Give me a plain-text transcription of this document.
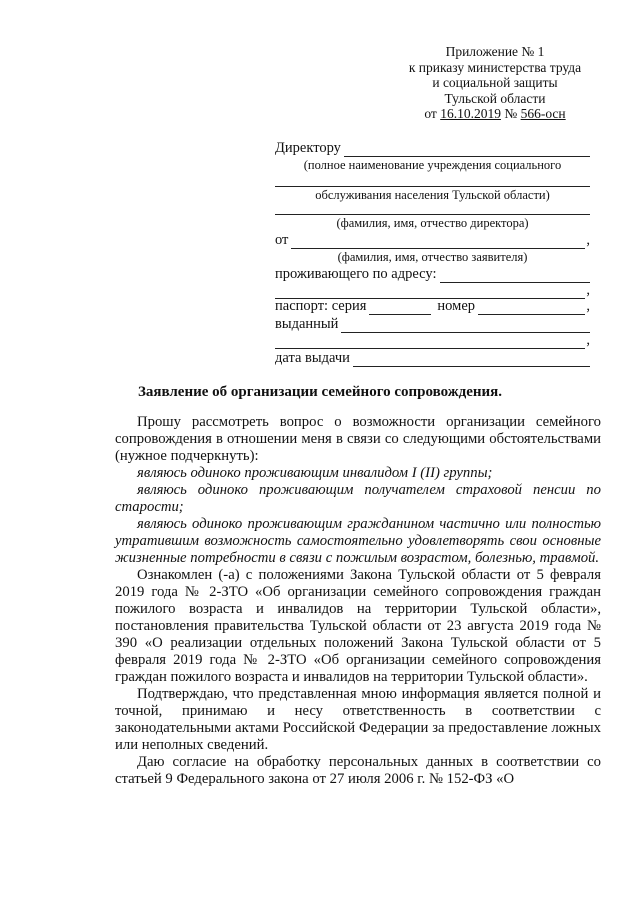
Приложение № 1
к приказу министерства труда
и социальной защиты
Тульской области
от 16.10.2019 № 566-осн
Директору
(полное наименование учреждения социального
обслуживания населения Тульской области)
(фамилия, имя, отчество директора)
от	,
(фамилия, имя, отчество заявителя)
проживающего по адресу:
,
паспорт: серия	номер	,
выданный
,
дата выдачи
Заявление об организации семейного сопровождения.

Прошу рассмотреть вопрос о возможности организации семейного сопровождения в отношении меня в связи со следующими обстоятельствами (нужное подчеркнуть):

являюсь одиноко проживающим инвалидом I (II) группы;

являюсь одиноко проживающим получателем страховой пенсии по старости;

являюсь одиноко проживающим гражданином частично или полностью утратившим возможность самостоятельно удовлетворять свои основные жизненные потребности в связи с пожилым возрастом, болезнью, травмой.

Ознакомлен (-а) с положениями Закона Тульской области от 5 февраля 2019 года № 2-ЗТО «Об организации семейного сопровождения граждан пожилого возраста и инвалидов на территории Тульской области», постановления правительства Тульской области от 23 августа 2019 года № 390 «О реализации отдельных положений Закона Тульской области от 5 февраля 2019 года № 2-ЗТО «Об организации семейного сопровождения граждан пожилого возраста и инвалидов на территории Тульской области».

Подтверждаю, что представленная мною информация является полной и точной, принимаю и несу ответственность в соответствии с законодательными актами Российской Федерации за предоставление ложных или неполных сведений.

Даю согласие на обработку персональных данных в соответствии со статьей 9 Федерального закона от 27 июля 2006 г. № 152-ФЗ «О
